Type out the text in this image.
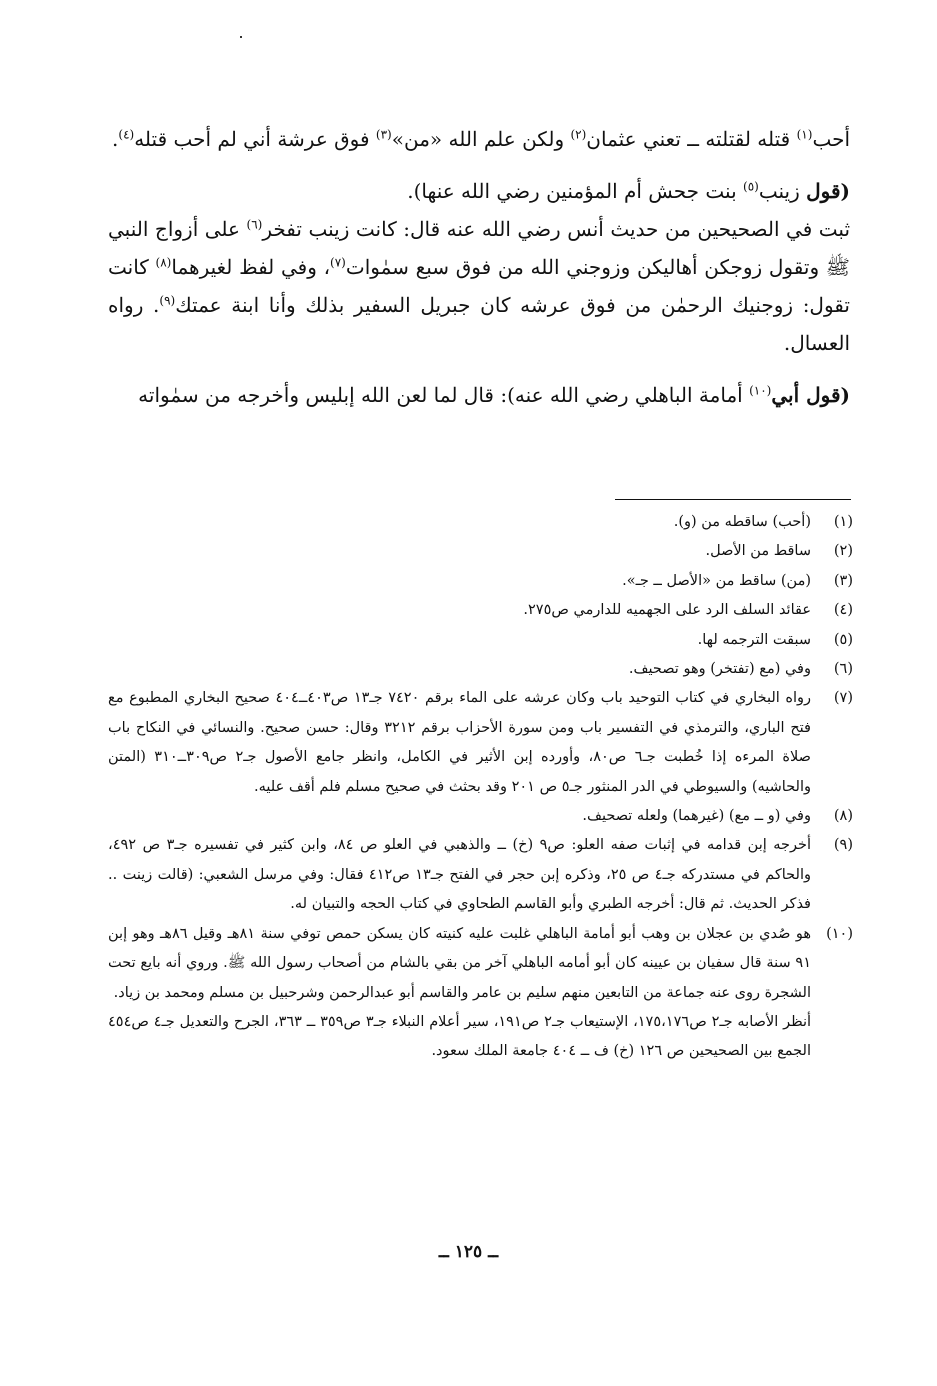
أحب$^{(١)}$ قتله لقتلته ــ تعني عثمان$^{(٢)}$ ولكن علم الله «من»$^{(٣)}$ فوق عرشة أني لم أحب قتله$^{(٤)}$.

(قول زينب$^{(٥)}$ بنت جحش أم المؤمنين رضي الله عنها).

ثبت في الصحيحين من حديث أنس رضي الله عنه قال: كانت زينب تفخر$^{(٦)}$ على أزواج النبي ﷺ وتقول زوجكن أهاليكن وزوجني الله من فوق سبع سمٰوات$^{(٧)}$، وفي لفظ لغيرهما$^{(٨)}$ كانت تقول: زوجنيك الرحمٰن من فوق عرشه كان جبريل السفير بذلك وأنا ابنة عمتك$^{(٩)}$. رواه العسال.

(قول أبي$^{(١٠)}$ أمامة الباهلي رضي الله عنه): قال لما لعن الله إبليس وأخرجه من سمٰواته

(١)
(أحب) ساقطه من (و).
(٢)
ساقط من الأصل.
(٣)
(من) ساقط من «الأصل ــ جـ».
(٤)
عقائد السلف الرد على الجهميه للدارمي ص٢٧٥.
(٥)
سبقت الترجمه لها.
(٦)
وفي (مع (تفتخر) وهو تصحيف.
(٧)
رواه البخاري في كتاب التوحيد باب وكان عرشه على الماء برقم ٧٤٢٠ جـ١٣ ص٤٠٣ــ٤٠٤ صحيح البخاري المطبوع مع فتح الباري، والترمذي في التفسير باب ومن سورة الأحزاب برقم ٣٢١٢ وقال: حسن صحيح. والنسائي في النكاح باب صلاة المرءه إذا خُطبت جـ٦ ص٨٠، وأورده إبن الأثير في الكامل، وانظر جامع الأصول جـ٢ ص٣٠٩ــ٣١٠ (المتن والحاشيه) والسيوطي في الدر المنثور جـ٥ ص ٢٠١ وقد بحثث في صحيح مسلم فلم أقف عليه.
(٨)
وفي (و ــ مع) (غيرهما) ولعله تصحيف.
(٩)
أخرجه إبن قدامه في إثبات صفه العلو: ص٩ (خ) ــ والذهبي في العلو ص ٨٤، وابن كثير في تفسيره جـ٣ ص ٤٩٢، والحاكم في مستدركه جـ٤ ص ٢٥، وذكره إبن حجر في الفتح جـ١٣ ص٤١٢ فقال: وفي مرسل الشعبي: (قالت زينت .. فذكر الحديث. ثم قال: أخرجه الطبري وأبو القاسم الطحاوي في كتاب الحجه والتبيان له.
(١٠)
هو صُدي بن عجلان بن وهب أبو أمامة الباهلي غلبت عليه كنيته كان يسكن حمص توفي سنة ٨١هـ وقيل ٨٦هـ وهو إبن ٩١ سنة قال سفيان بن عيينه كان أبو أمامه الباهلي آخر من بقي بالشام من أصحاب رسول الله ﷺ. وروي أنه بايع تحت الشجرة روى عنه جماعة من التابعين منهم سليم بن عامر والقاسم أبو عبدالرحمن وشرحبيل بن مسلم ومحمد بن زياد.
أنظر الأصابه جـ٢ ص١٧٥،١٧٦، الإستيعاب جـ٢ ص١٩١، سير أعلام النبلاء جـ٣ ص٣٥٩ ــ ٣٦٣، الجرح والتعديل جـ٤ ص٤٥٤ الجمع بين الصحيحين ص ١٢٦ (خ) ف ــ ٤٠٤ جامعة الملك سعود.
ــ ١٢٥ ــ
